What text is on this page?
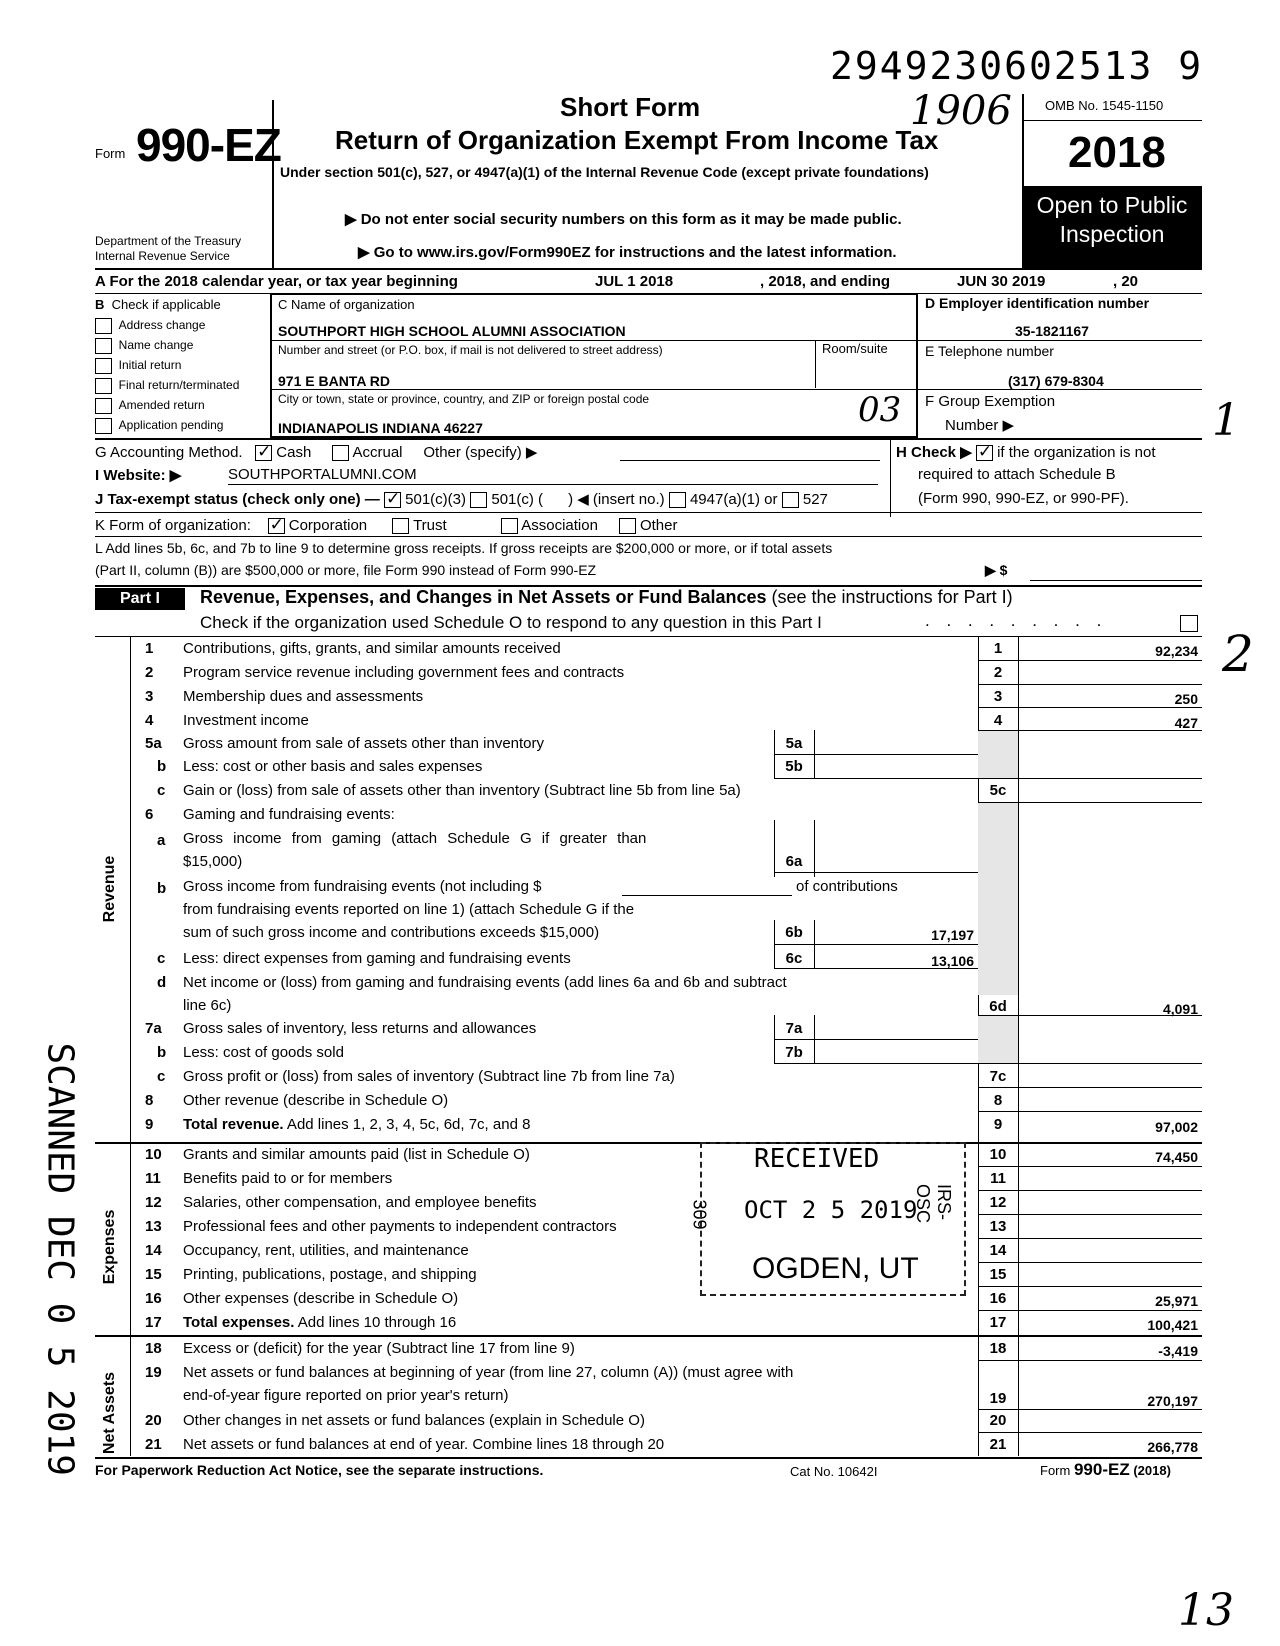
2949230602513 9
1906
1
2
13
SCANNED DEC 0 5 2019
Form 990-EZ
Department of the Treasury
Internal Revenue Service
Short Form
Return of Organization Exempt From Income Tax
Under section 501(c), 527, or 4947(a)(1) of the Internal Revenue Code (except private foundations)
▶ Do not enter social security numbers on this form as it may be made public.
▶ Go to www.irs.gov/Form990EZ for instructions and the latest information.
OMB No. 1545-1150
2018
Open to Public
Inspection
A For the 2018 calendar year, or tax year beginning	JUL 1 2018	, 2018, and ending	JUN 30 2019	, 20
B Check if applicable
Address change
Name change
Initial return
Final return/terminated
Amended return
Application pending
C Name of organization
SOUTHPORT HIGH SCHOOL ALUMNI ASSOCIATION
Number and street (or P.O. box, if mail is not delivered to street address)	Room/suite
971 E BANTA RD
City or town, state or province, country, and ZIP or foreign postal code	03
INDIANAPOLIS INDIANA 46227
D Employer identification number
35-1821167
E Telephone number
(317) 679-8304
F Group Exemption
Number ▶
G Accounting Method. ✓ Cash	Accrual Other (specify) ▶
I Website: ▶	SOUTHPORTALUMNI.COM
J Tax-exempt status (check only one) — ✓ 501(c)(3) 501(c) ( ) ◀ (insert no.) 4947(a)(1) or 527
H Check ▶ ✓ if the organization is not
required to attach Schedule B
(Form 990, 990-EZ, or 990-PF).
K Form of organization: ✓	Corporation	Trust	Association	Other
L Add lines 5b, 6c, and 7b to line 9 to determine gross receipts. If gross receipts are $200,000 or more, or if total assets
(Part II, column (B)) are $500,000 or more, file Form 990 instead of Form 990-EZ	▶ $
Part I	Revenue, Expenses, and Changes in Net Assets or Fund Balances (see the instructions for Part I)
Check if the organization used Schedule O to respond to any question in this Part I	. . . . . . . . .
Revenue
Expenses
Net Assets
1 Contributions, gifts, grants, and similar amounts received	1	92,234
2 Program service revenue including government fees and contracts	2
3 Membership dues and assessments	3	250
4 Investment income	4	427
5a Gross amount from sale of assets other than inventory	5a
b Less: cost or other basis and sales expenses	5b
c Gain or (loss) from sale of assets other than inventory (Subtract line 5b from line 5a)	5c
6 Gaming and fundraising events:
a Gross income from gaming (attach Schedule G if greater than
$15,000)	6a
b Gross income from fundraising events (not including $	of contributions
from fundraising events reported on line 1) (attach Schedule G if the
sum of such gross income and contributions exceeds $15,000)	6b	17,197
c Less: direct expenses from gaming and fundraising events	6c	13,106
d Net income or (loss) from gaming and fundraising events (add lines 6a and 6b and subtract
line 6c)	6d	4,091
7a Gross sales of inventory, less returns and allowances	7a
b Less: cost of goods sold	7b
c Gross profit or (loss) from sales of inventory (Subtract line 7b from line 7a)	7c
8 Other revenue (describe in Schedule O)	8
9 Total revenue. Add lines 1, 2, 3, 4, 5c, 6d, 7c, and 8	9	97,002
10 Grants and similar amounts paid (list in Schedule O)	10	74,450
11 Benefits paid to or for members	11
12 Salaries, other compensation, and employee benefits	12
13 Professional fees and other payments to independent contractors	13
14 Occupancy, rent, utilities, and maintenance	14
15 Printing, publications, postage, and shipping	15
16 Other expenses (describe in Schedule O)	16	25,971
17 Total expenses. Add lines 10 through 16	17	100,421
18 Excess or (deficit) for the year (Subtract line 17 from line 9)	18	-3,419
19 Net assets or fund balances at beginning of year (from line 27, column (A)) (must agree with
end-of-year figure reported on prior year's return)	19	270,197
20 Other changes in net assets or fund balances (explain in Schedule O)	20
21 Net assets or fund balances at end of year. Combine lines 18 through 20	21	266,778
RECEIVED
OCT 2 5 2019
OGDEN, UT
309	IRS-OSC
For Paperwork Reduction Act Notice, see the separate instructions.	Cat No. 10642I	Form 990-EZ (2018)
